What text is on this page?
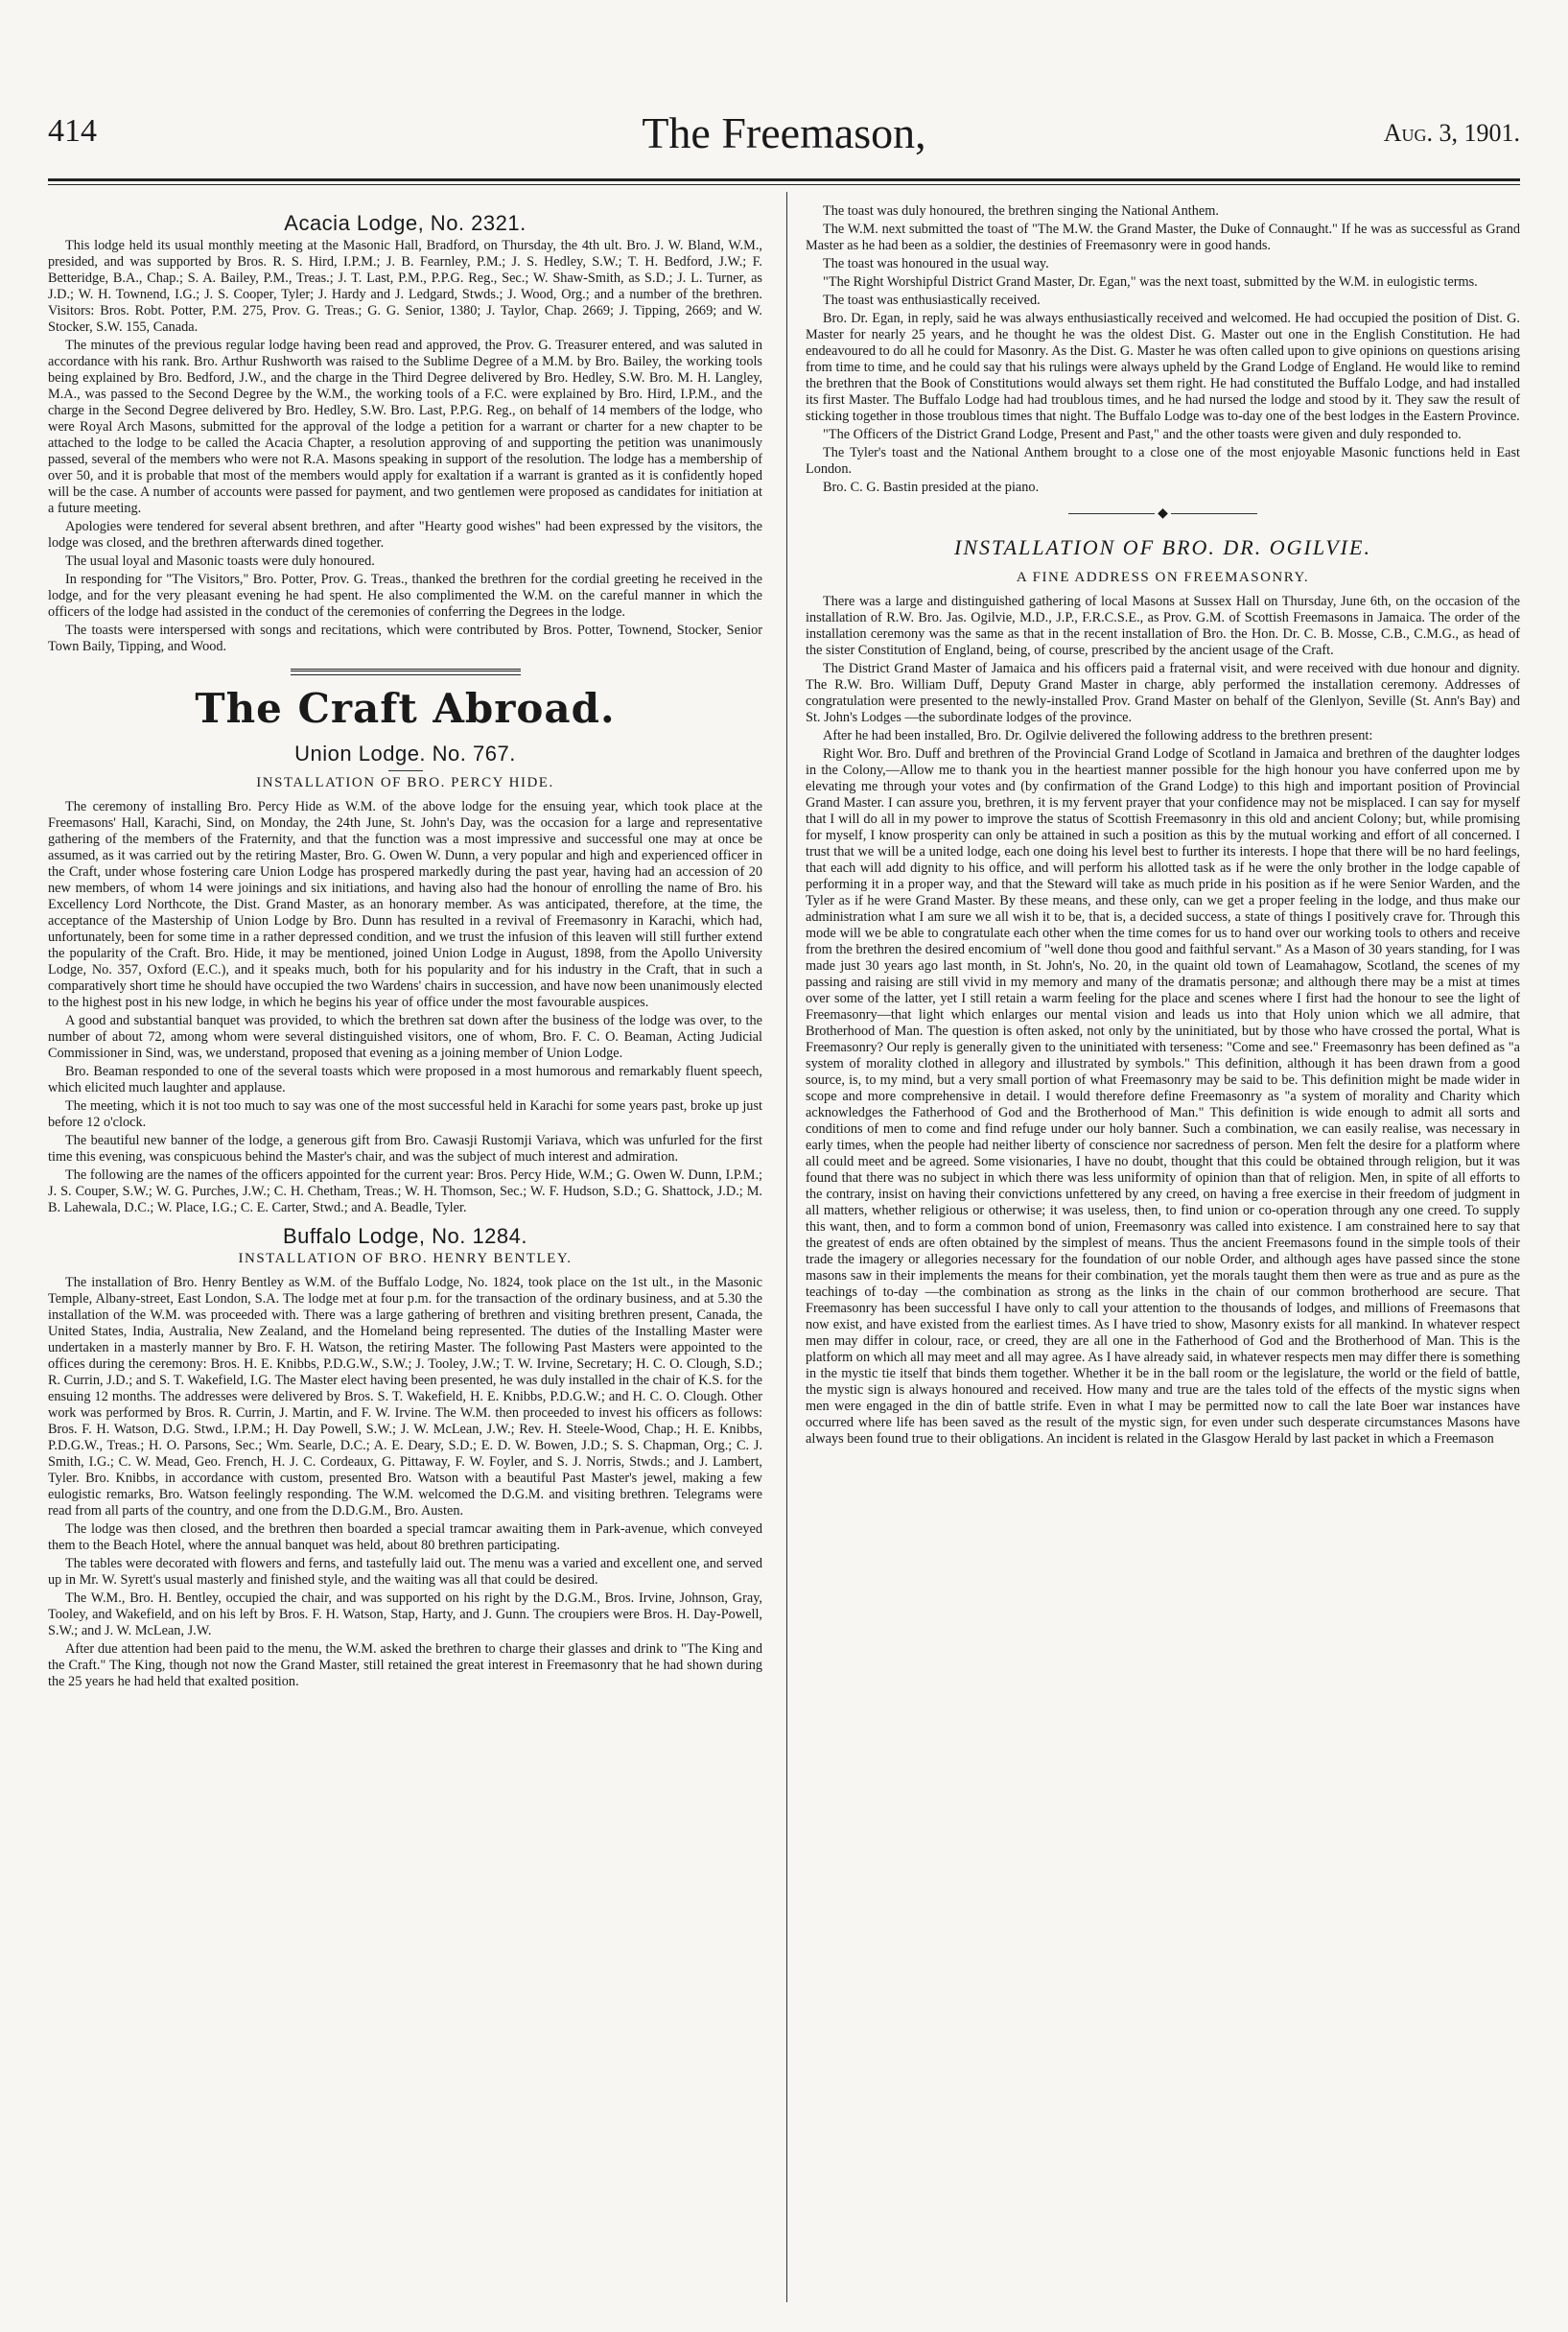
414	The Freemason,	Aug. 3, 1901.
Acacia Lodge, No. 2321.

This lodge held its usual monthly meeting at the Masonic Hall, Bradford, on Thursday, the 4th ult. Bro. J. W. Bland, W.M., presided, and was supported by Bros. R. S. Hird, I.P.M.; J. B. Fearnley, P.M.; J. S. Hedley, S.W.; T. H. Bedford, J.W.; F. Betteridge, B.A., Chap.; S. A. Bailey, P.M., Treas.; J. T. Last, P.M., P.P.G. Reg., Sec.; W. Shaw-Smith, as S.D.; J. L. Turner, as J.D.; W. H. Townend, I.G.; J. S. Cooper, Tyler; J. Hardy and J. Ledgard, Stwds.; J. Wood, Org.; and a number of the brethren. Visitors: Bros. Robt. Potter, P.M. 275, Prov. G. Treas.; G. G. Senior, 1380; J. Taylor, Chap. 2669; J. Tipping, 2669; and W. Stocker, S.W. 155, Canada.

The minutes of the previous regular lodge having been read and approved, the Prov. G. Treasurer entered, and was saluted in accordance with his rank. Bro. Arthur Rushworth was raised to the Sublime Degree of a M.M. by Bro. Bailey, the working tools being explained by Bro. Bedford, J.W., and the charge in the Third Degree delivered by Bro. Hedley, S.W. Bro. M. H. Langley, M.A., was passed to the Second Degree by the W.M., the working tools of a F.C. were explained by Bro. Hird, I.P.M., and the charge in the Second Degree delivered by Bro. Hedley, S.W. Bro. Last, P.P.G. Reg., on behalf of 14 members of the lodge, who were Royal Arch Masons, submitted for the approval of the lodge a petition for a warrant or charter for a new chapter to be attached to the lodge to be called the Acacia Chapter, a resolution approving of and supporting the petition was unanimously passed, several of the members who were not R.A. Masons speaking in support of the resolution. The lodge has a membership of over 50, and it is probable that most of the members would apply for exaltation if a warrant is granted as it is confidently hoped will be the case. A number of accounts were passed for payment, and two gentlemen were proposed as candidates for initiation at a future meeting.

Apologies were tendered for several absent brethren, and after "Hearty good wishes" had been expressed by the visitors, the lodge was closed, and the brethren afterwards dined together.

The usual loyal and Masonic toasts were duly honoured.

In responding for "The Visitors," Bro. Potter, Prov. G. Treas., thanked the brethren for the cordial greeting he received in the lodge, and for the very pleasant evening he had spent. He also complimented the W.M. on the careful manner in which the officers of the lodge had assisted in the conduct of the ceremonies of conferring the Degrees in the lodge.

The toasts were interspersed with songs and recitations, which were contributed by Bros. Potter, Townend, Stocker, Senior Town Baily, Tipping, and Wood.

The Craft Abroad.
Union Lodge. No. 767.
INSTALLATION OF BRO. PERCY HIDE.

The ceremony of installing Bro. Percy Hide as W.M. of the above lodge for the ensuing year, which took place at the Freemasons' Hall, Karachi, Sind, on Monday, the 24th June, St. John's Day, was the occasion for a large and representative gathering of the members of the Fraternity, and that the function was a most impressive and successful one may at once be assumed, as it was carried out by the retiring Master, Bro. G. Owen W. Dunn, a very popular and high and experienced officer in the Craft, under whose fostering care Union Lodge has prospered markedly during the past year, having had an accession of 20 new members, of whom 14 were joinings and six initiations, and having also had the honour of enrolling the name of Bro. his Excellency Lord Northcote, the Dist. Grand Master, as an honorary member. As was anticipated, therefore, at the time, the acceptance of the Mastership of Union Lodge by Bro. Dunn has resulted in a revival of Freemasonry in Karachi, which had, unfortunately, been for some time in a rather depressed condition, and we trust the infusion of this leaven will still further extend the popularity of the Craft. Bro. Hide, it may be mentioned, joined Union Lodge in August, 1898, from the Apollo University Lodge, No. 357, Oxford (E.C.), and it speaks much, both for his popularity and for his industry in the Craft, that in such a comparatively short time he should have occupied the two Wardens' chairs in succession, and have now been unanimously elected to the highest post in his new lodge, in which he begins his year of office under the most favourable auspices.

A good and substantial banquet was provided, to which the brethren sat down after the business of the lodge was over, to the number of about 72, among whom were several distinguished visitors, one of whom, Bro. F. C. O. Beaman, Acting Judicial Commissioner in Sind, was, we understand, proposed that evening as a joining member of Union Lodge.

Bro. Beaman responded to one of the several toasts which were proposed in a most humorous and remarkably fluent speech, which elicited much laughter and applause.

The meeting, which it is not too much to say was one of the most successful held in Karachi for some years past, broke up just before 12 o'clock.

The beautiful new banner of the lodge, a generous gift from Bro. Cawasji Rustomji Variava, which was unfurled for the first time this evening, was conspicuous behind the Master's chair, and was the subject of much interest and admiration.

The following are the names of the officers appointed for the current year: Bros. Percy Hide, W.M.; G. Owen W. Dunn, I.P.M.; J. S. Couper, S.W.; W. G. Purches, J.W.; C. H. Chetham, Treas.; W. H. Thomson, Sec.; W. F. Hudson, S.D.; G. Shattock, J.D.; M. B. Lahewala, D.C.; W. Place, I.G.; C. E. Carter, Stwd.; and A. Beadle, Tyler.

Buffalo Lodge, No. 1284.
INSTALLATION OF BRO. HENRY BENTLEY.

The installation of Bro. Henry Bentley as W.M. of the Buffalo Lodge, No. 1824, took place on the 1st ult., in the Masonic Temple, Albany-street, East London, S.A. The lodge met at four p.m. for the transaction of the ordinary business, and at 5.30 the installation of the W.M. was proceeded with. There was a large gathering of brethren and visiting brethren present, Canada, the United States, India, Australia, New Zealand, and the Homeland being represented. The duties of the Installing Master were undertaken in a masterly manner by Bro. F. H. Watson, the retiring Master. The following Past Masters were appointed to the offices during the ceremony: Bros. H. E. Knibbs, P.D.G.W., S.W.; J. Tooley, J.W.; T. W. Irvine, Secretary; H. C. O. Clough, S.D.; R. Currin, J.D.; and S. T. Wakefield, I.G. The Master elect having been presented, he was duly installed in the chair of K.S. for the ensuing 12 months. The addresses were delivered by Bros. S. T. Wakefield, H. E. Knibbs, P.D.G.W.; and H. C. O. Clough. Other work was performed by Bros. R. Currin, J. Martin, and F. W. Irvine. The W.M. then proceeded to invest his officers as follows: Bros. F. H. Watson, D.G. Stwd., I.P.M.; H. Day Powell, S.W.; J. W. McLean, J.W.; Rev. H. Steele-Wood, Chap.; H. E. Knibbs, P.D.G.W., Treas.; H. O. Parsons, Sec.; Wm. Searle, D.C.; A. E. Deary, S.D.; E. D. W. Bowen, J.D.; S. S. Chapman, Org.; C. J. Smith, I.G.; C. W. Mead, Geo. French, H. J. C. Cordeaux, G. Pittaway, F. W. Foyler, and S. J. Norris, Stwds.; and J. Lambert, Tyler. Bro. Knibbs, in accordance with custom, presented Bro. Watson with a beautiful Past Master's jewel, making a few eulogistic remarks, Bro. Watson feelingly responding. The W.M. welcomed the D.G.M. and visiting brethren. Telegrams were read from all parts of the country, and one from the D.D.G.M., Bro. Austen.

The lodge was then closed, and the brethren then boarded a special tramcar awaiting them in Park-avenue, which conveyed them to the Beach Hotel, where the annual banquet was held, about 80 brethren participating.

The tables were decorated with flowers and ferns, and tastefully laid out. The menu was a varied and excellent one, and served up in Mr. W. Syrett's usual masterly and finished style, and the waiting was all that could be desired.

The W.M., Bro. H. Bentley, occupied the chair, and was supported on his right by the D.G.M., Bros. Irvine, Johnson, Gray, Tooley, and Wakefield, and on his left by Bros. F. H. Watson, Stap, Harty, and J. Gunn. The croupiers were Bros. H. Day-Powell, S.W.; and J. W. McLean, J.W.

After due attention had been paid to the menu, the W.M. asked the brethren to charge their glasses and drink to "The King and the Craft." The King, though not now the Grand Master, still retained the great interest in Freemasonry that he had shown during the 25 years he had held that exalted position.

The toast was duly honoured, the brethren singing the National Anthem.

The W.M. next submitted the toast of "The M.W. the Grand Master, the Duke of Connaught." If he was as successful as Grand Master as he had been as a soldier, the destinies of Freemasonry were in good hands.

The toast was honoured in the usual way.

"The Right Worshipful District Grand Master, Dr. Egan," was the next toast, submitted by the W.M. in eulogistic terms.

The toast was enthusiastically received.

Bro. Dr. Egan, in reply, said he was always enthusiastically received and welcomed. He had occupied the position of Dist. G. Master for nearly 25 years, and he thought he was the oldest Dist. G. Master out one in the English Constitution. He had endeavoured to do all he could for Masonry. As the Dist. G. Master he was often called upon to give opinions on questions arising from time to time, and he could say that his rulings were always upheld by the Grand Lodge of England. He would like to remind the brethren that the Book of Constitutions would always set them right. He had constituted the Buffalo Lodge, and had installed its first Master. The Buffalo Lodge had had troublous times, and he had nursed the lodge and stood by it. They saw the result of sticking together in those troublous times that night. The Buffalo Lodge was to-day one of the best lodges in the Eastern Province.

"The Officers of the District Grand Lodge, Present and Past," and the other toasts were given and duly responded to.

The Tyler's toast and the National Anthem brought to a close one of the most enjoyable Masonic functions held in East London.

Bro. C. G. Bastin presided at the piano.

◆
INSTALLATION OF BRO. DR. OGILVIE.
A FINE ADDRESS ON FREEMASONRY.

There was a large and distinguished gathering of local Masons at Sussex Hall on Thursday, June 6th, on the occasion of the installation of R.W. Bro. Jas. Ogilvie, M.D., J.P., F.R.C.S.E., as Prov. G.M. of Scottish Freemasons in Jamaica. The order of the installation ceremony was the same as that in the recent installation of Bro. the Hon. Dr. C. B. Mosse, C.B., C.M.G., as head of the sister Constitution of England, being, of course, prescribed by the ancient usage of the Craft.

The District Grand Master of Jamaica and his officers paid a fraternal visit, and were received with due honour and dignity. The R.W. Bro. William Duff, Deputy Grand Master in charge, ably performed the installation ceremony. Addresses of congratulation were presented to the newly-installed Prov. Grand Master on behalf of the Glenlyon, Seville (St. Ann's Bay) and St. John's Lodges —the subordinate lodges of the province.

After he had been installed, Bro. Dr. Ogilvie delivered the following address to the brethren present:

Right Wor. Bro. Duff and brethren of the Provincial Grand Lodge of Scotland in Jamaica and brethren of the daughter lodges in the Colony,—Allow me to thank you in the heartiest manner possible for the high honour you have conferred upon me by elevating me through your votes and (by confirmation of the Grand Lodge) to this high and important position of Provincial Grand Master. I can assure you, brethren, it is my fervent prayer that your confidence may not be misplaced. I can say for myself that I will do all in my power to improve the status of Scottish Freemasonry in this old and ancient Colony; but, while promising for myself, I know prosperity can only be attained in such a position as this by the mutual working and effort of all concerned. I trust that we will be a united lodge, each one doing his level best to further its interests. I hope that there will be no hard feelings, that each will add dignity to his office, and will perform his allotted task as if he were the only brother in the lodge capable of performing it in a proper way, and that the Steward will take as much pride in his position as if he were Senior Warden, and the Tyler as if he were Grand Master. By these means, and these only, can we get a proper feeling in the lodge, and thus make our administration what I am sure we all wish it to be, that is, a decided success, a state of things I positively crave for. Through this mode will we be able to congratulate each other when the time comes for us to hand over our working tools to others and receive from the brethren the desired encomium of "well done thou good and faithful servant." As a Mason of 30 years standing, for I was made just 30 years ago last month, in St. John's, No. 20, in the quaint old town of Leamahagow, Scotland, the scenes of my passing and raising are still vivid in my memory and many of the dramatis personæ; and although there may be a mist at times over some of the latter, yet I still retain a warm feeling for the place and scenes where I first had the honour to see the light of Freemasonry—that light which enlarges our mental vision and leads us into that Holy union which we all admire, that Brotherhood of Man. The question is often asked, not only by the uninitiated, but by those who have crossed the portal, What is Freemasonry? Our reply is generally given to the uninitiated with terseness: "Come and see." Freemasonry has been defined as "a system of morality clothed in allegory and illustrated by symbols." This definition, although it has been drawn from a good source, is, to my mind, but a very small portion of what Freemasonry may be said to be. This definition might be made wider in scope and more comprehensive in detail. I would therefore define Freemasonry as "a system of morality and Charity which acknowledges the Fatherhood of God and the Brotherhood of Man." This definition is wide enough to admit all sorts and conditions of men to come and find refuge under our holy banner. Such a combination, we can easily realise, was necessary in early times, when the people had neither liberty of conscience nor sacredness of person. Men felt the desire for a platform where all could meet and be agreed. Some visionaries, I have no doubt, thought that this could be obtained through religion, but it was found that there was no subject in which there was less uniformity of opinion than that of religion. Men, in spite of all efforts to the contrary, insist on having their convictions unfettered by any creed, on having a free exercise in their freedom of judgment in all matters, whether religious or otherwise; it was useless, then, to find union or co-operation through any one creed. To supply this want, then, and to form a common bond of union, Freemasonry was called into existence. I am constrained here to say that the greatest of ends are often obtained by the simplest of means. Thus the ancient Freemasons found in the simple tools of their trade the imagery or allegories necessary for the foundation of our noble Order, and although ages have passed since the stone masons saw in their implements the means for their combination, yet the morals taught them then were as true and as pure as the teachings of to-day —the combination as strong as the links in the chain of our common brotherhood are secure. That Freemasonry has been successful I have only to call your attention to the thousands of lodges, and millions of Freemasons that now exist, and have existed from the earliest times. As I have tried to show, Masonry exists for all mankind. In whatever respect men may differ in colour, race, or creed, they are all one in the Fatherhood of God and the Brotherhood of Man. This is the platform on which all may meet and all may agree. As I have already said, in whatever respects men may differ there is something in the mystic tie itself that binds them together. Whether it be in the ball room or the legislature, the world or the field of battle, the mystic sign is always honoured and received. How many and true are the tales told of the effects of the mystic signs when men were engaged in the din of battle strife. Even in what I may be permitted now to call the late Boer war instances have occurred where life has been saved as the result of the mystic sign, for even under such desperate circumstances Masons have always been found true to their obligations. An incident is related in the Glasgow Herald by last packet in which a Freemason
